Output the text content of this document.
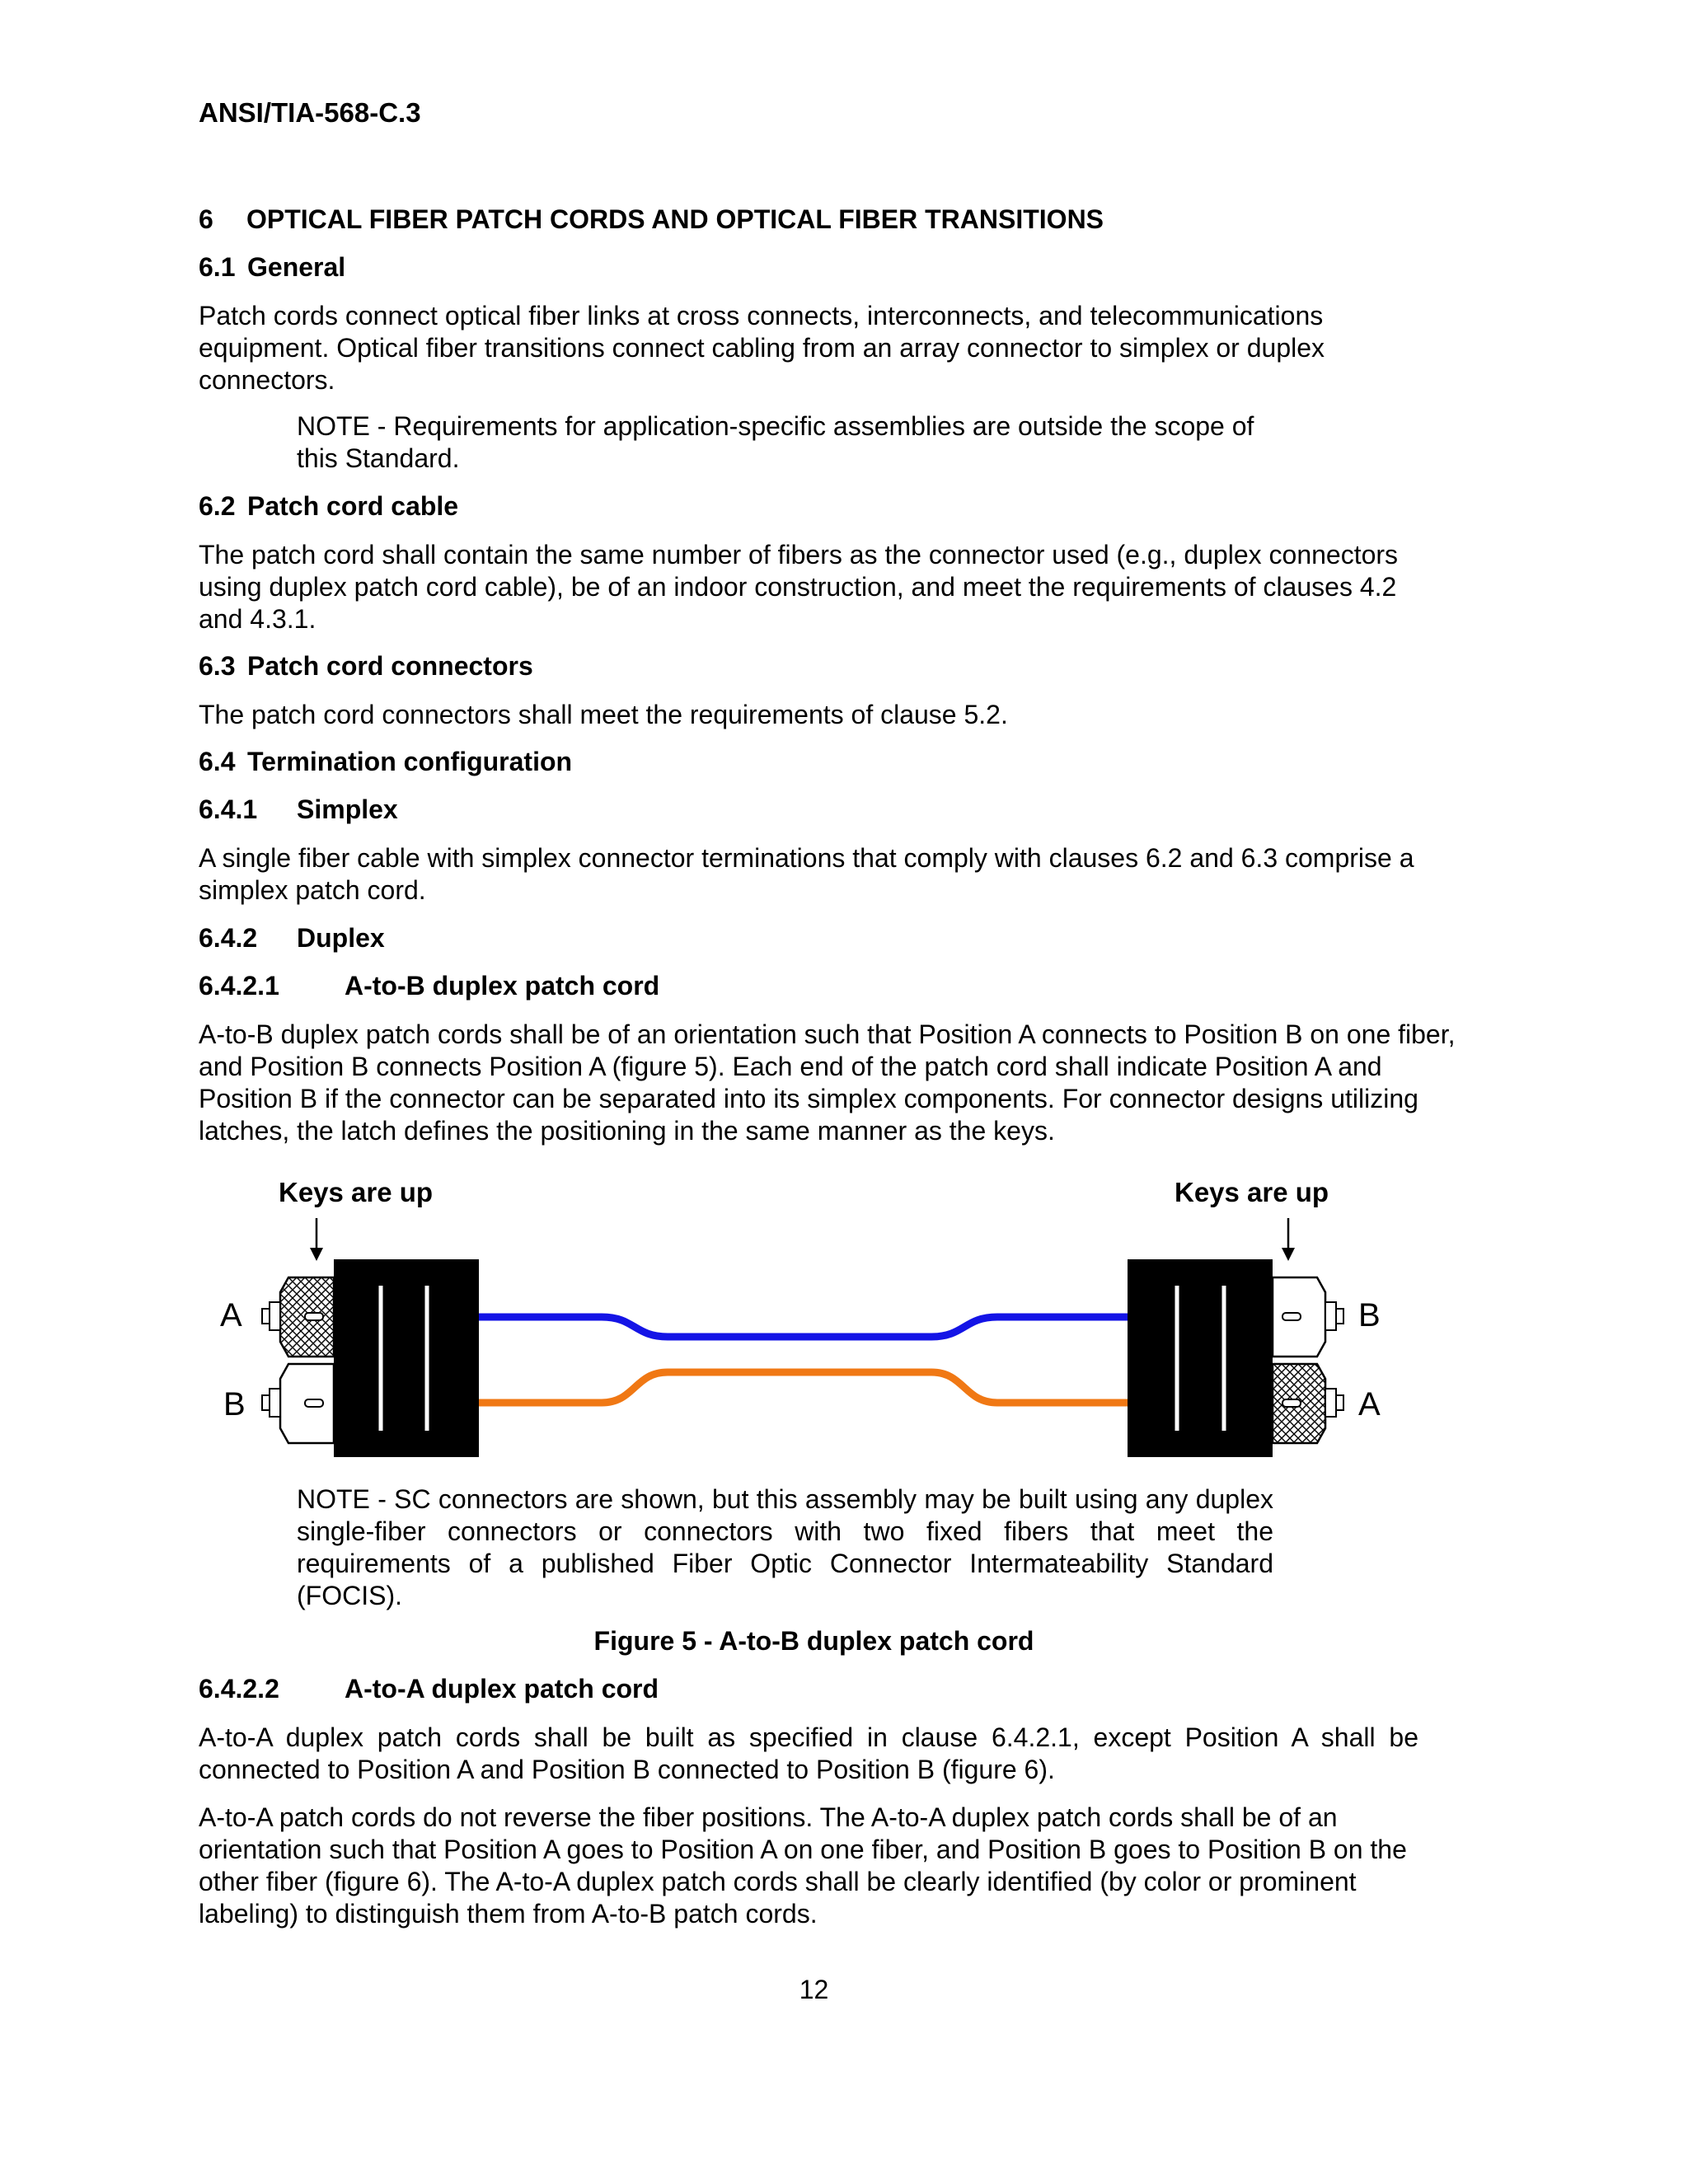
ANSI/TIA-568-C.3
6 OPTICAL FIBER PATCH CORDS AND OPTICAL FIBER TRANSITIONS
6.1 General
Patch cords connect optical fiber links at cross connects, interconnects, and telecommunications equipment. Optical fiber transitions connect cabling from an array connector to simplex or duplex connectors.
NOTE - Requirements for application-specific assemblies are outside the scope of this Standard.
6.2 Patch cord cable
The patch cord shall contain the same number of fibers as the connector used (e.g., duplex connectors using duplex patch cord cable), be of an indoor construction, and meet the requirements of clauses 4.2 and 4.3.1.
6.3 Patch cord connectors
The patch cord connectors shall meet the requirements of clause 5.2.
6.4 Termination configuration
6.4.1 Simplex
A single fiber cable with simplex connector terminations that comply with clauses 6.2 and 6.3 comprise a simplex patch cord.
6.4.2 Duplex
6.4.2.1 A-to-B duplex patch cord
A-to-B duplex patch cords shall be of an orientation such that Position A connects to Position B on one fiber, and Position B connects Position A (figure 5). Each end of the patch cord shall indicate Position A and Position B if the connector can be separated into its simplex components. For connector designs utilizing latches, the latch defines the positioning in the same manner as the keys.
Keys are up	Keys are up
A
B
B
A
NOTE - SC connectors are shown, but this assembly may be built using any duplex single-fiber connectors or connectors with two fixed fibers that meet the requirements of a published Fiber Optic Connector Intermateability Standard (FOCIS).
Figure 5 - A-to-B duplex patch cord
6.4.2.2 A-to-A duplex patch cord
A-to-A duplex patch cords shall be built as specified in clause 6.4.2.1, except Position A shall be connected to Position A and Position B connected to Position B (figure 6).
A-to-A patch cords do not reverse the fiber positions. The A-to-A duplex patch cords shall be of an orientation such that Position A goes to Position A on one fiber, and Position B goes to Position B on the other fiber (figure 6). The A-to-A duplex patch cords shall be clearly identified (by color or prominent labeling) to distinguish them from A-to-B patch cords.
12
